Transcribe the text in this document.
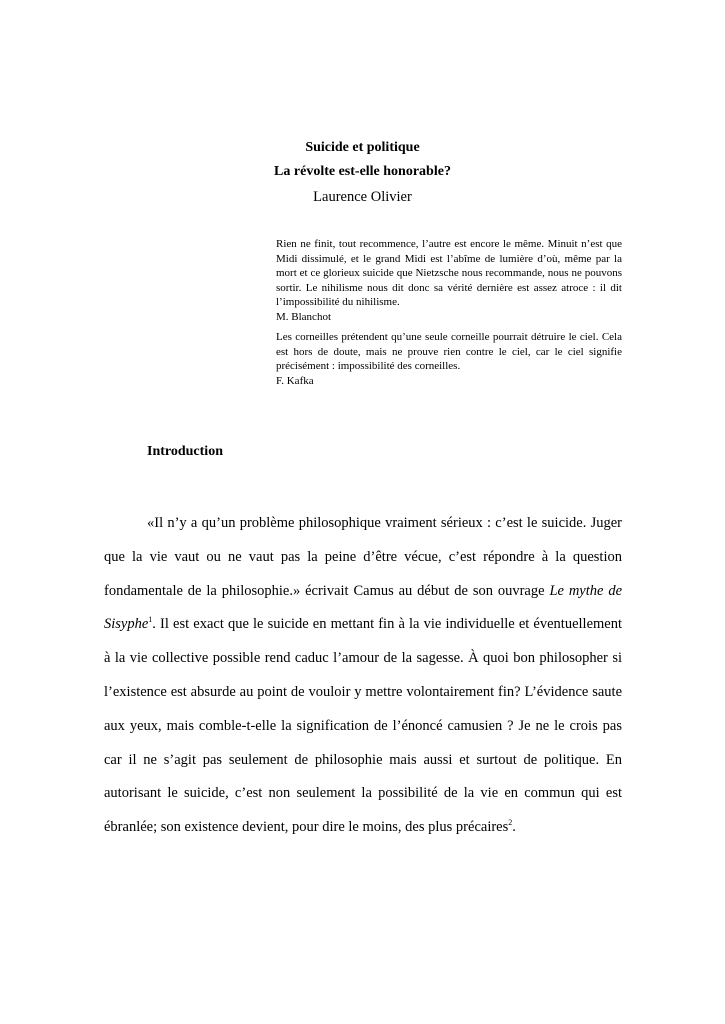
Suicide et politique
La révolte est-elle honorable?
Laurence Olivier
Rien ne finit, tout recommence, l’autre est encore le même. Minuit n’est que Midi dissimulé, et le grand Midi est l’abîme de lumière d’où, même par la mort et ce glorieux suicide que Nietzsche nous recommande, nous ne pouvons sortir. Le nihilisme nous dit donc sa vérité dernière est assez atroce : il dit l’impossibilité du nihilisme.
M. Blanchot
Les corneilles prétendent qu’une seule corneille pourrait détruire le ciel. Cela est hors de doute, mais ne prouve rien contre le ciel, car le ciel signifie précisément : impossibilité des corneilles.
F. Kafka
Introduction

«Il n’y a qu’un problème philosophique vraiment sérieux : c’est le suicide. Juger que la vie vaut ou ne vaut pas la peine d’être vécue, c’est répondre à la question fondamentale de la philosophie.» écrivait Camus au début de son ouvrage Le mythe de Sisyphe$^1$. Il est exact que le suicide en mettant fin à la vie individuelle et éventuellement à la vie collective possible rend caduc l’amour de la sagesse. À quoi bon philosopher si l’existence est absurde au point de vouloir y mettre volontairement fin? L’évidence saute aux yeux, mais comble-t-elle la signification de l’énoncé camusien ? Je ne le crois pas car il ne s’agit pas seulement de philosophie mais aussi et surtout de politique. En autorisant le suicide, c’est non seulement la possibilité de la vie en commun qui est ébranlée; son existence devient, pour dire le moins, des plus précaires$^2$.
